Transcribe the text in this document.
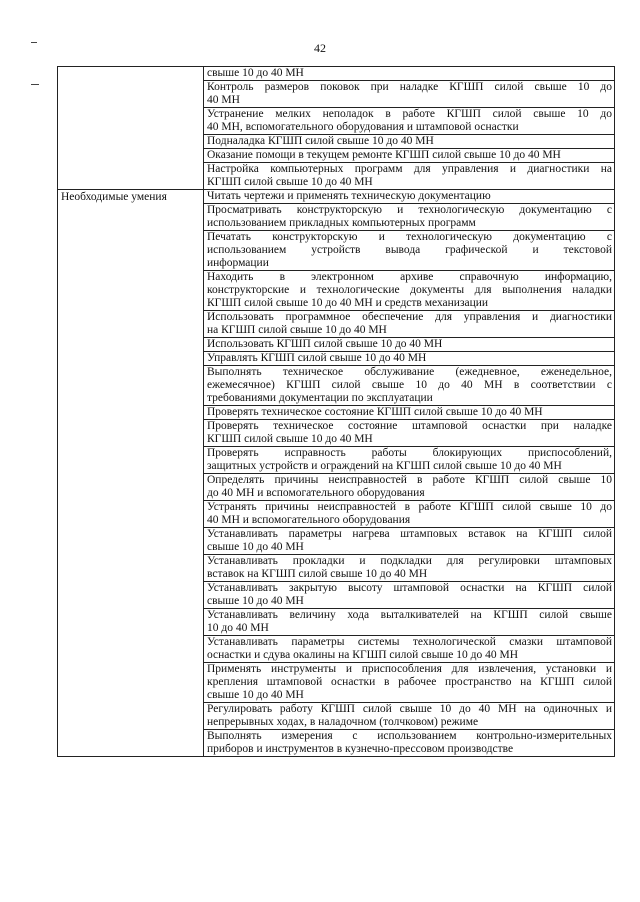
42

	свыше 10 до 40 МН

	Контроль размеров поковок при наладке КГШП силой свыше 10 до
40 МН

	Устранение мелких неполадок в работе КГШП силой свыше 10 до
40 МН, вспомогательного оборудования и штамповой оснастки

	Подналадка КГШП силой свыше 10 до 40 МН

	Оказание помощи в текущем ремонте КГШП силой свыше 10 до 40 МН

	Настройка компьютерных программ для управления и диагностики на
КГШП силой свыше 10 до 40 МН

Необходимые умения	Читать чертежи и применять техническую документацию

	Просматривать конструкторскую и технологическую документацию с
использованием прикладных компьютерных программ

	Печатать конструкторскую и технологическую документацию с
использованием устройств вывода графической и текстовой
информации

	Находить в электронном архиве справочную информацию,
конструкторские и технологические документы для выполнения наладки
КГШП силой свыше 10 до 40 МН и средств механизации

	Использовать программное обеспечение для управления и диагностики
на КГШП силой свыше 10 до 40 МН

	Использовать КГШП силой свыше 10 до 40 МН

	Управлять КГШП силой свыше 10 до 40 МН

	Выполнять техническое обслуживание (ежедневное, еженедельное,
ежемесячное) КГШП силой свыше 10 до 40 МН в соответствии с
требованиями документации по эксплуатации

	Проверять техническое состояние КГШП силой свыше 10 до 40 МН

	Проверять техническое состояние штамповой оснастки при наладке
КГШП силой свыше 10 до 40 МН

	Проверять исправность работы блокирующих приспособлений,
защитных устройств и ограждений на КГШП силой свыше 10 до 40 МН

	Определять причины неисправностей в работе КГШП силой свыше 10
до 40 МН и вспомогательного оборудования

	Устранять причины неисправностей в работе КГШП силой свыше 10 до
40 МН и вспомогательного оборудования

	Устанавливать параметры нагрева штамповых вставок на КГШП силой
свыше 10 до 40 МН

	Устанавливать прокладки и подкладки для регулировки штамповых
вставок на КГШП силой свыше 10 до 40 МН

	Устанавливать закрытую высоту штамповой оснастки на КГШП силой
свыше 10 до 40 МН

	Устанавливать величину хода выталкивателей на КГШП силой свыше
10 до 40 МН

	Устанавливать параметры системы технологической смазки штамповой
оснастки и сдува окалины на КГШП силой свыше 10 до 40 МН

	Применять инструменты и приспособления для извлечения, установки и
крепления штамповой оснастки в рабочее пространство на КГШП силой
свыше 10 до 40 МН

	Регулировать работу КГШП силой свыше 10 до 40 МН на одиночных и
непрерывных ходах, в наладочном (толчковом) режиме

	Выполнять измерения с использованием контрольно-измерительных
приборов и инструментов в кузнечно-прессовом производстве
